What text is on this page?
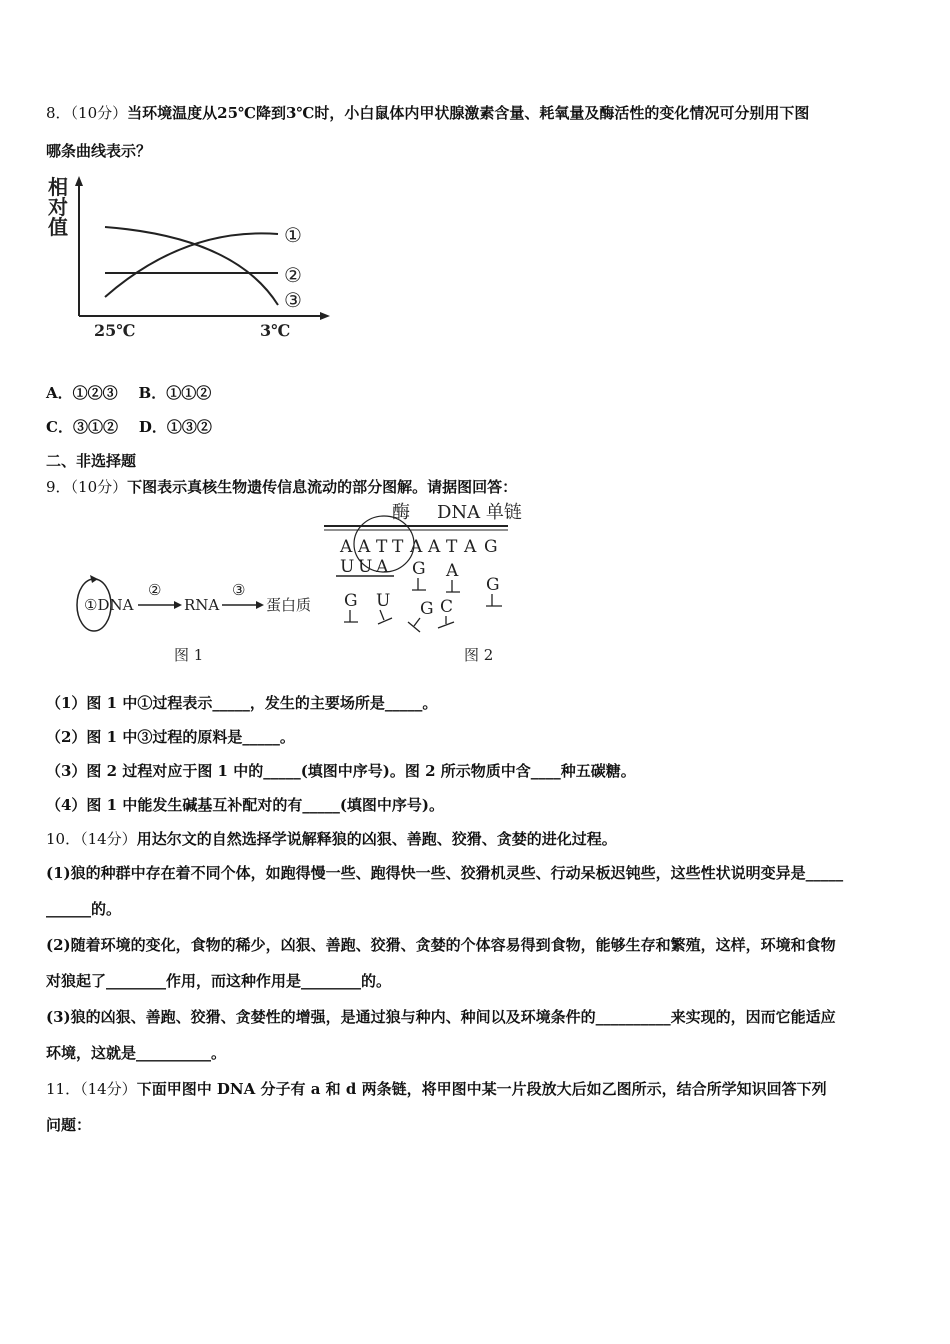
8．（10分）当环境温度从25℃降到3℃时，小白鼠体内甲状腺激素含量、耗氧量及酶活性的变化情况可分别用下图
哪条曲线表示？
相
对
值	①
②
③
25℃	3℃
A．①②③ B．①①②
C．③①② D．①③②
二、非选择题
9．（10分）下图表示真核生物遗传信息流动的部分图解。请据图回答：
①DNA
②
RNA
③
蛋白质
图 1
酶 DNA 单链
A A T T A A T A G
U U A G A
G
G U G C
图 2
（1）图 1 中①过程表示_____，发生的主要场所是_____。
（2）图 1 中③过程的原料是_____。
（3）图 2 过程对应于图 1 中的_____(填图中序号)。图 2 所示物质中含____种五碳糖。
（4）图 1 中能发生碱基互补配对的有_____(填图中序号)。
10．（14分）用达尔文的自然选择学说解释狼的凶狠、善跑、狡猾、贪婪的进化过程。
(1)狼的种群中存在着不同个体，如跑得慢一些、跑得快一些、狡猾机灵些、行动呆板迟钝些，这些性状说明变异是_____
______的。
(2)随着环境的变化，食物的稀少，凶狠、善跑、狡猾、贪婪的个体容易得到食物，能够生存和繁殖，这样，环境和食物
对狼起了________作用，而这种作用是________的。
(3)狼的凶狠、善跑、狡猾、贪婪性的增强，是通过狼与种内、种间以及环境条件的__________来实现的，因而它能适应
环境，这就是__________。
11．（14分）下面甲图中 DNA 分子有 a 和 d 两条链，将甲图中某一片段放大后如乙图所示，结合所学知识回答下列
问题：
